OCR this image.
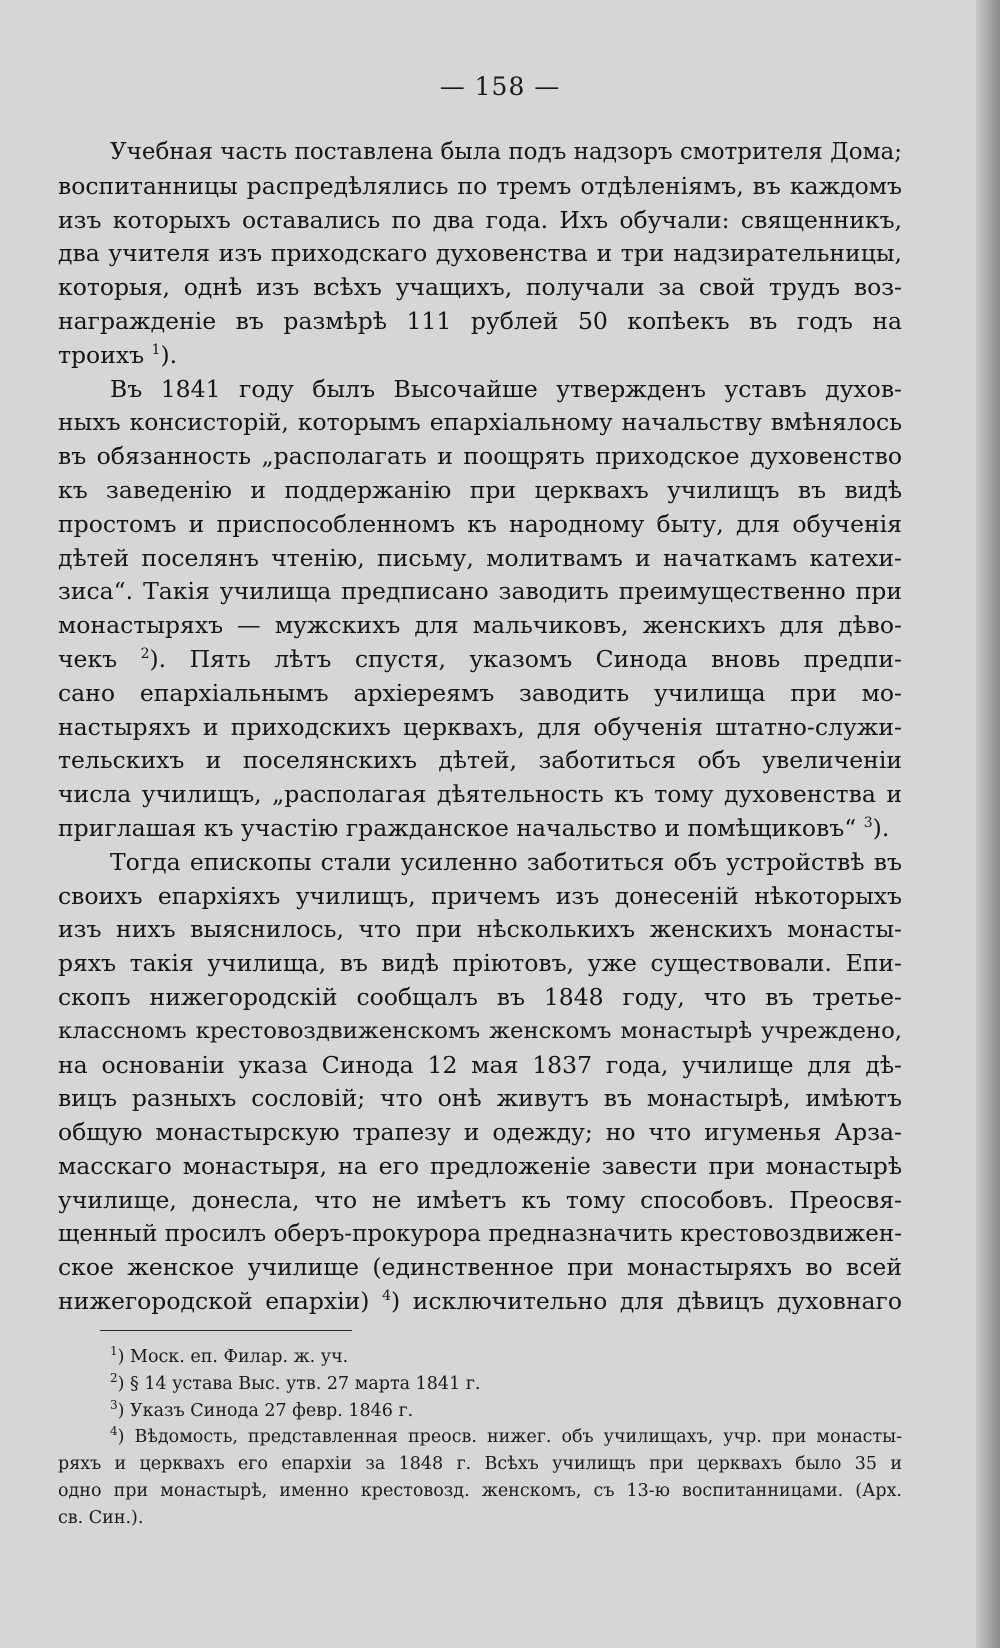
— 158 —
Учебная часть поставлена была подъ надзоръ смотрителя Дома;
воспитанницы распредѣлялись по тремъ отдѣленіямъ, въ каждомъ
изъ которыхъ оставались по два года. Ихъ обучали: священникъ,
два учителя изъ приходскаго духовенства и три надзирательницы,
которыя, однѣ изъ всѣхъ учащихъ, получали за свой трудъ воз-
награжденіе въ размѣрѣ 111 рублей 50 копѣекъ въ годъ на
троихъ $^1$).
Въ 1841 году былъ Высочайше утвержденъ уставъ духов-
ныхъ консисторій, которымъ епархіальному начальству вмѣнялось
въ обязанность „располагать и поощрять приходское духовенство
къ заведенію и поддержанію при церквахъ училищъ въ видѣ
простомъ и приспособленномъ къ народному быту, для обученія
дѣтей поселянъ чтенію, письму, молитвамъ и начаткамъ катехи-
зиса“. Такія училища предписано заводить преимущественно при
монастыряхъ — мужскихъ для мальчиковъ, женскихъ для дѣво-
чекъ $^2$). Пять лѣтъ спустя, указомъ Синода вновь предпи-
сано епархіальнымъ архіереямъ заводить училища при мо-
настыряхъ и приходскихъ церквахъ, для обученія штатно-служи-
тельскихъ и поселянскихъ дѣтей, заботиться объ увеличеніи
числа училищъ, „располагая дѣятельность къ тому духовенства и
приглашая къ участію гражданское начальство и помѣщиковъ“ $^3$).
Тогда епископы стали усиленно заботиться объ устройствѣ въ
своихъ епархіяхъ училищъ, причемъ изъ донесеній нѣкоторыхъ
изъ нихъ выяснилось, что при нѣсколькихъ женскихъ монасты-
ряхъ такія училища, въ видѣ пріютовъ, уже существовали. Епи-
скопъ нижегородскій сообщалъ въ 1848 году, что въ третье-
классномъ крестовоздвиженскомъ женскомъ монастырѣ учреждено,
на основаніи указа Синода 12 мая 1837 года, училище для дѣ-
вицъ разныхъ сословій; что онѣ живутъ въ монастырѣ, имѣютъ
общую монастырскую трапезу и одежду; но что игуменья Арза-
масскаго монастыря, на его предложеніе завести при монастырѣ
училище, донесла, что не имѣетъ къ тому способовъ. Преосвя-
щенный просилъ оберъ-прокурора предназначить крестовоздвижен-
ское женское училище (единственное при монастыряхъ во всей
нижегородской епархіи) $^4$) исключительно для дѣвицъ духовнаго
$^1$) Моск. еп. Филар. ж. уч.
$^2$) § 14 устава Выс. утв. 27 марта 1841 г.
$^3$) Указъ Синода 27 февр. 1846 г.
$^4$) Вѣдомость, представленная преосв. нижег. объ училищахъ, учр. при монасты-
ряхъ и церквахъ его епархіи за 1848 г. Всѣхъ училищъ при церквахъ было 35 и
одно при монастырѣ, именно крестовозд. женскомъ, съ 13-ю воспитанницами. (Арх.
св. Син.).
